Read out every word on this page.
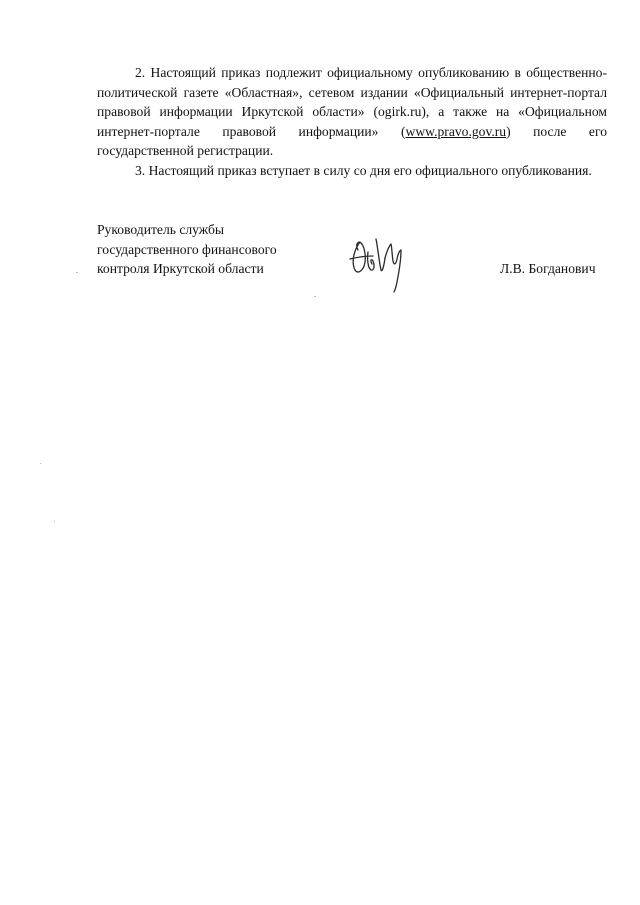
2. Настоящий приказ подлежит официальному опубликованию в общественно-политической газете «Областная», сетевом издании «Официальный интернет-портал правовой информации Иркутской области» (ogirk.ru), а также на «Официальном интернет-портале правовой информации» (www.pravo.gov.ru) после его государственной регистрации.

3. Настоящий приказ вступает в силу со дня его официального опубликования.

Руководитель службы
государственного финансового
контроля Иркутской области	Л.В. Богданович
